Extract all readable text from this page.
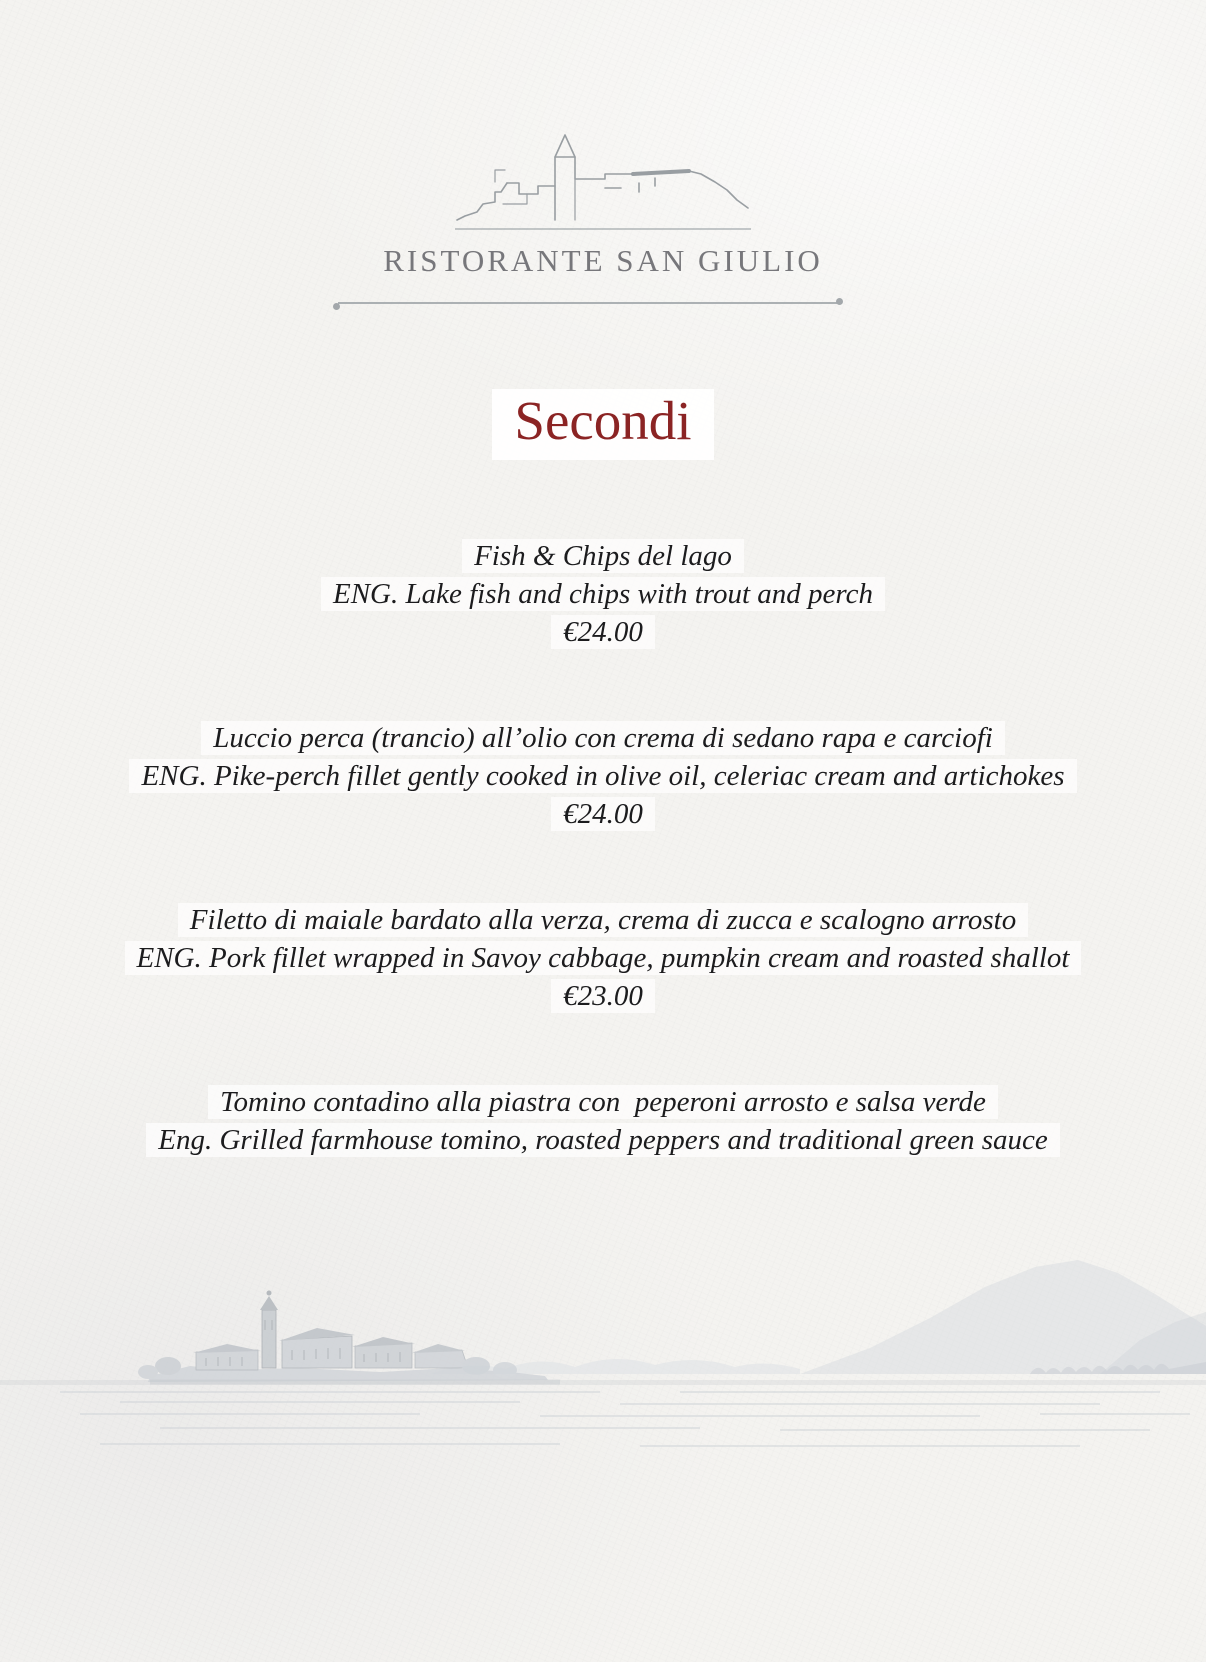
RISTORANTE SAN GIULIO
Secondi
Fish & Chips del lago
ENG. Lake fish and chips with trout and perch
€24.00
Luccio perca (trancio) all’olio con crema di sedano rapa e carciofi
ENG. Pike-perch fillet gently cooked in olive oil, celeriac cream and artichokes
€24.00
Filetto di maiale bardato alla verza, crema di zucca e scalogno arrosto
ENG. Pork fillet wrapped in Savoy cabbage, pumpkin cream and roasted shallot
€23.00
Tomino contadino alla piastra con  peperoni arrosto e salsa verde
Eng. Grilled farmhouse tomino, roasted peppers and traditional green sauce
